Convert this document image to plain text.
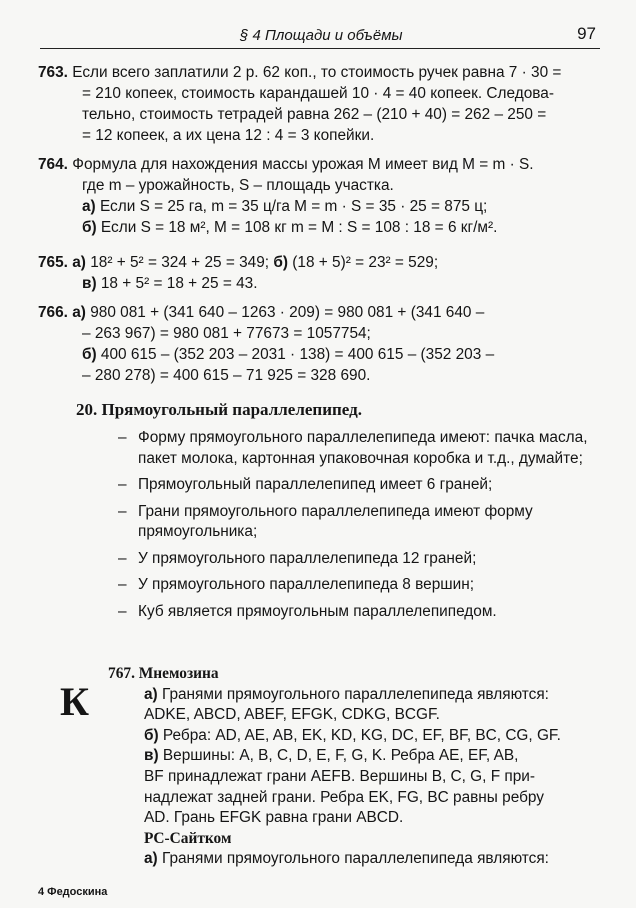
§ 4 Площади и объёмы	97
763. Если всего заплатили 2 р. 62 коп., то стоимость ручек равна 7 · 30 =
= 210 копеек, стоимость карандашей 10 · 4 = 40 копеек. Следова-
тельно, стоимость тетрадей равна 262 – (210 + 40) = 262 – 250 =
= 12 копеек, а их цена 12 : 4 = 3 копейки.
764. Формула для нахождения массы урожая M имеет вид M = m · S.
где m – урожайность, S – площадь участка.
а) Если S = 25 га, m = 35 ц/га M = m · S = 35 · 25 = 875 ц;
б) Если S = 18 м², M = 108 кг m = M : S = 108 : 18 = 6 кг/м².
765. а) 18² + 5² = 324 + 25 = 349; б) (18 + 5)² = 23² = 529;
в) 18 + 5² = 18 + 25 = 43.
766. а) 980 081 + (341 640 – 1263 · 209) = 980 081 + (341 640 –
– 263 967) = 980 081 + 77673 = 1057754;
б) 400 615 – (352 203 – 2031 · 138) = 400 615 – (352 203 –
– 280 278) = 400 615 – 71 925 = 328 690.
20. Прямоугольный параллелепипед.
– Форму прямоугольного параллелепипеда имеют: пачка масла, пакет молока, картонная упаковочная коробка и т.д., думайте;
– Прямоугольный параллелепипед имеет 6 граней;
– Грани прямоугольного параллелепипеда имеют форму прямоугольника;
– У прямоугольного параллелепипеда 12 граней;
– У прямоугольного параллелепипеда 8 вершин;
– Куб является прямоугольным параллелепипедом.
К
767. Мнемозина
а) Гранями прямоугольного параллелепипеда являются:
ADKE, ABCD, ABEF, EFGK, CDKG, BCGF.
б) Ребра: AD, AE, AB, EK, KD, KG, DC, EF, BF, BC, CG, GF.
в) Вершины: A, B, C, D, E, F, G, K. Ребра AE, EF, AB,
BF принадлежат грани AEFB. Вершины B, C, G, F при-
надлежат задней грани. Ребра EK, FG, BC равны ребру
AD. Грань EFGK равна грани ABCD.
PC-Сайтком
а) Гранями прямоугольного параллелепипеда являются:
4 Федоскина
